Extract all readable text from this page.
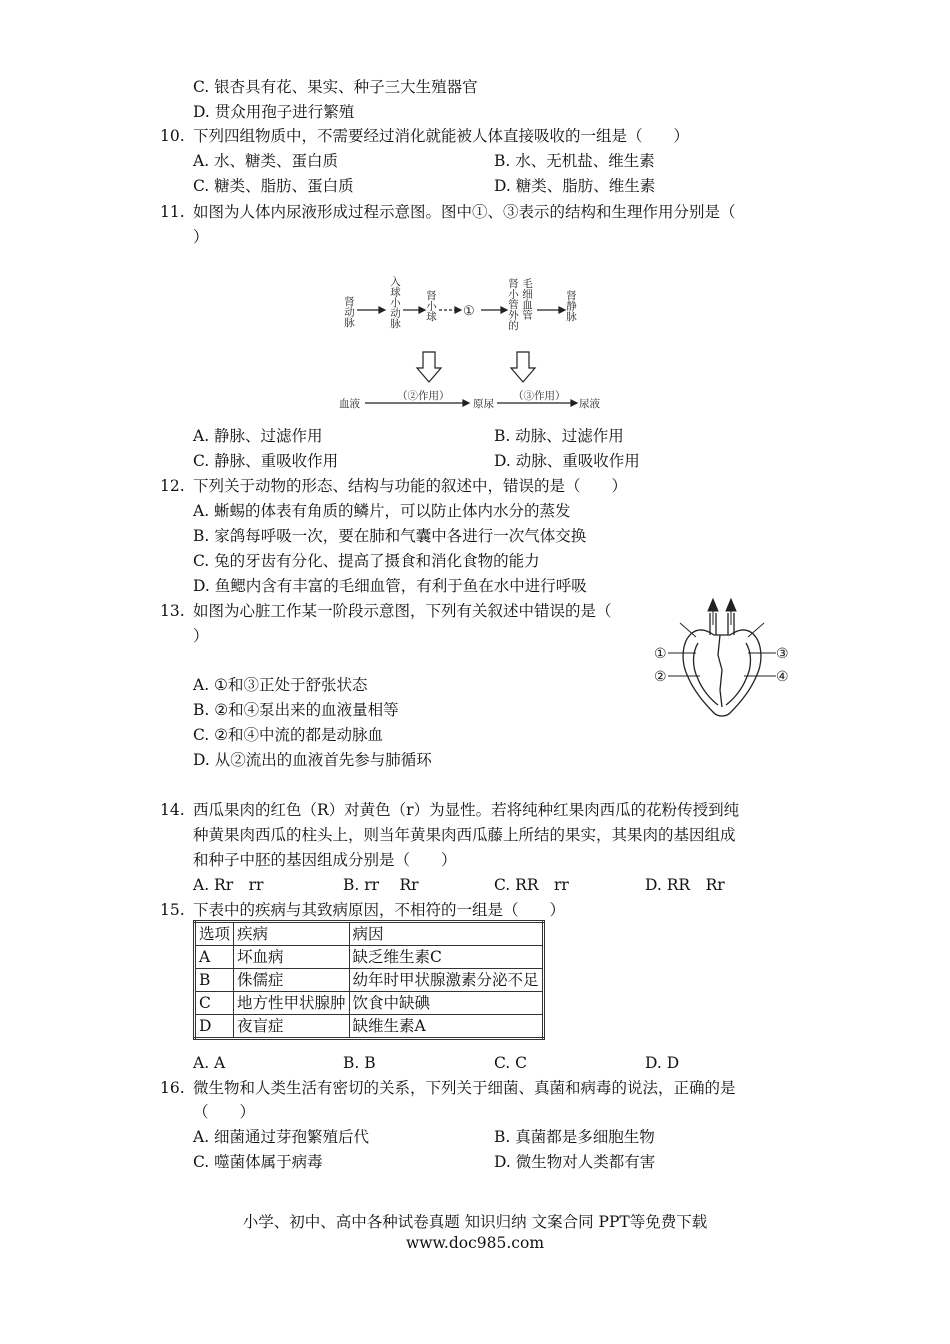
C. 银杏具有花、果实、种子三大生殖器官
D. 贯众用孢子进行繁殖
10. 下列四组物质中，不需要经过消化就能被人体直接吸收的一组是（　　）
A. 水、糖类、蛋白质	B. 水、无机盐、维生素
C. 糖类、脂肪、蛋白质	D. 糖类、脂肪、维生素
11. 如图为人体内尿液形成过程示意图。图中①、③表示的结构和生理作用分别是（
）
肾动脉	入球小动脉 肾小球 ①	肾小管外的 毛细血管	肾静脉
血液
（②作用）
原尿
（③作用）
尿液
A. 静脉、过滤作用	B. 动脉、过滤作用
C. 静脉、重吸收作用	D. 动脉、重吸收作用
12. 下列关于动物的形态、结构与功能的叙述中，错误的是（　　）
A. 蜥蜴的体表有角质的鳞片，可以防止体内水分的蒸发
B. 家鸽每呼吸一次，要在肺和气囊中各进行一次气体交换
C. 兔的牙齿有分化、提高了摄食和消化食物的能力
D. 鱼鳃内含有丰富的毛细血管，有利于鱼在水中进行呼吸
13. 如图为心脏工作某一阶段示意图，下列有关叙述中错误的是（
）
①
②
③
④
A. ①和③正处于舒张状态
B. ②和④泵出来的血液量相等
C. ②和④中流的都是动脉血
D. 从②流出的血液首先参与肺循环
14. 西瓜果肉的红色（R）对黄色（r）为显性。若将纯种红果肉西瓜的花粉传授到纯
种黄果肉西瓜的柱头上，则当年黄果肉西瓜藤上所结的果实，其果肉的基因组成
和种子中胚的基因组成分别是（　　）
A. Rr　rr	B. rr　 Rr	C. RR　rr	D. RR　Rr
15. 下表中的疾病与其致病原因，不相符的一组是（　　）
选项	疾病	病因
A	坏血病	缺乏维生素C
B	侏儒症	幼年时甲状腺激素分泌不足
C	地方性甲状腺肿	饮食中缺碘
D	夜盲症	缺维生素A
A. A	B. B	C. C	D. D
16. 微生物和人类生活有密切的关系，下列关于细菌、真菌和病毒的说法，正确的是
（　　）
A. 细菌通过芽孢繁殖后代	B. 真菌都是多细胞生物
C. 噬菌体属于病毒	D. 微生物对人类都有害
小学、初中、高中各种试卷真题 知识归纳 文案合同 PPT等免费下载
www.doc985.com
